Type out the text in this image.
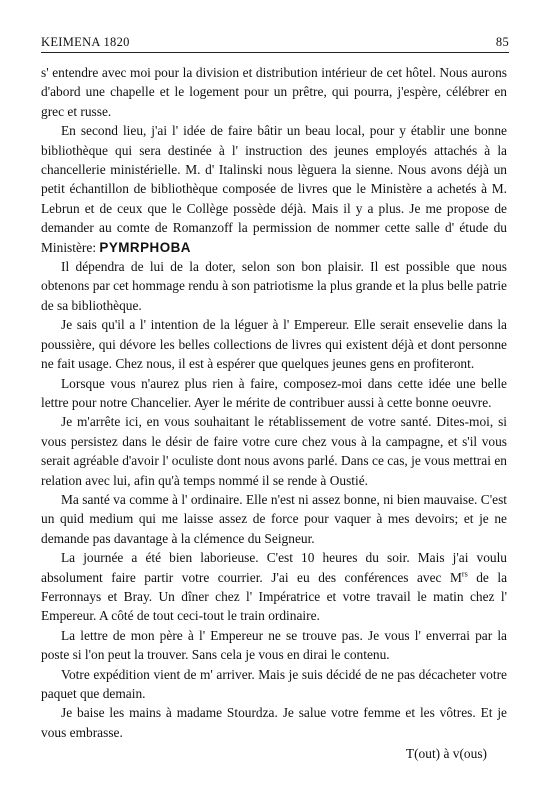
KEIMENA 1820	85

s' entendre avec moi pour la division et distribution intérieur de cet hôtel. Nous aurons d'abord une chapelle et le logement pour un prêtre, qui pourra, j'espère, célébrer en grec et russe.

En second lieu, j'ai l' idée de faire bâtir un beau local, pour y établir une bonne bibliothèque qui sera destinée à l' instruction des jeunes employés attachés à la chancellerie ministérielle. M. d' Italinski nous lèguera la sienne. Nous avons déjà un petit échantillon de bibliothèque composée de livres que le Ministère a achetés à M. Lebrun et de ceux que le Collège possède déjà. Mais il y a plus. Je me propose de demander au comte de Romanzoff la permission de nommer cette salle d' étude du Ministère: PYMRPHOBA

Il dépendra de lui de la doter, selon son bon plaisir. Il est possible que nous obtenons par cet hommage rendu à son patriotisme la plus grande et la plus belle patrie de sa bibliothèque.

Je sais qu'il a l' intention de la léguer à l' Empereur. Elle serait ensevelie dans la poussière, qui dévore les belles collections de livres qui existent déjà et dont personne ne fait usage. Chez nous, il est à espérer que quelques jeunes gens en profiteront.

Lorsque vous n'aurez plus rien à faire, composez-moi dans cette idée une belle lettre pour notre Chancelier. Ayer le mérite de contribuer aussi à cette bonne oeuvre.

Je m'arrête ici, en vous souhaitant le rétablissement de votre santé. Dites-moi, si vous persistez dans le désir de faire votre cure chez vous à la campagne, et s'il vous serait agréable d'avoir l' oculiste dont nous avons parlé. Dans ce cas, je vous mettrai en relation avec lui, afin qu'à temps nommé il se rende à Oustié.

Ma santé va comme à l' ordinaire. Elle n'est ni assez bonne, ni bien mauvaise. C'est un quid medium qui me laisse assez de force pour vaquer à mes devoirs; et je ne demande pas davantage à la clémence du Seigneur.

La journée a été bien laborieuse. C'est 10 heures du soir. Mais j'ai voulu absolument faire partir votre courrier. J'ai eu des conférences avec $M^{rs}$ de la Ferronnays et Bray. Un dîner chez l' Impératrice et votre travail le matin chez l' Empereur. A côté de tout ceci-tout le train ordinaire.

La lettre de mon père à l' Empereur ne se trouve pas. Je vous l' enverrai par la poste si l'on peut la trouver. Sans cela je vous en dirai le contenu.

Votre expédition vient de m' arriver. Mais je suis décidé de ne pas décacheter votre paquet que demain.

Je baise les mains à madame Stourdza. Je salue votre femme et les vôtres. Et je vous embrasse.

T(out) à v(ous)
